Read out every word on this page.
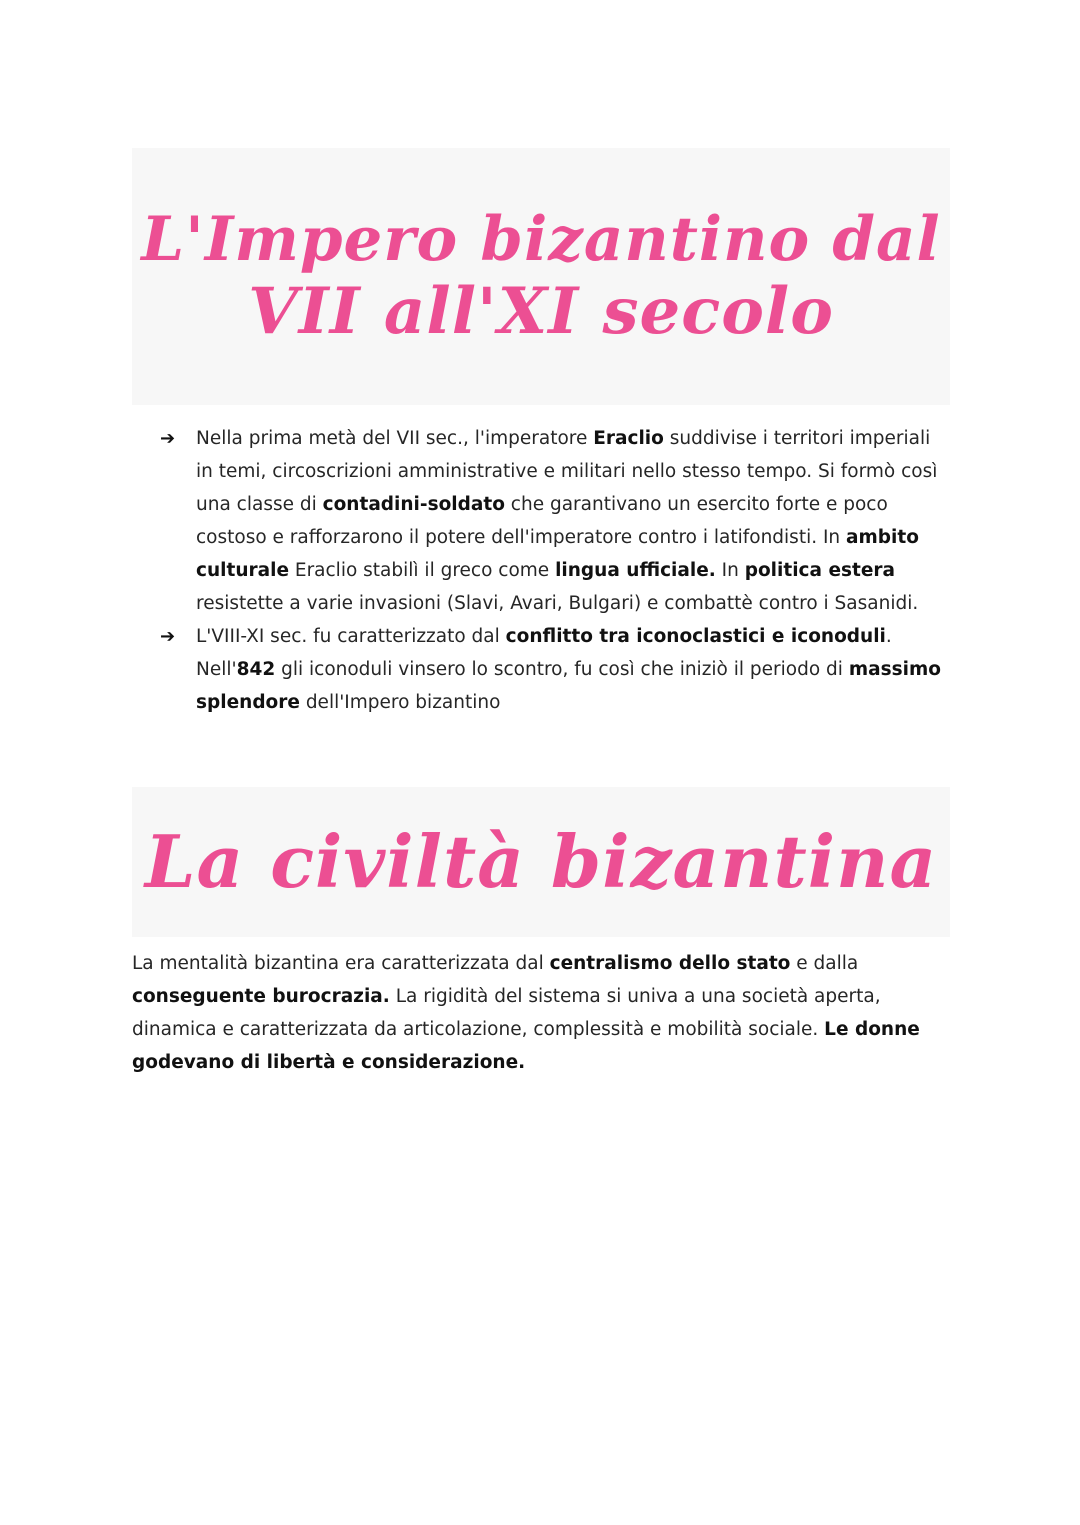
L'Impero bizantino dal
VII all'XI secolo
➔ Nella prima metà del VII sec., l'imperatore Eraclio suddivise i territori imperiali in temi, circoscrizioni amministrative e militari nello stesso tempo. Si formò così una classe di contadini-soldato che garantivano un esercito forte e poco costoso e rafforzarono il potere dell'imperatore contro i latifondisti. In ambito culturale Eraclio stabilì il greco come lingua ufficiale. In politica estera resistette a varie invasioni (Slavi, Avari, Bulgari) e combattè contro i Sasanidi.
➔ L'VIII-XI sec. fu caratterizzato dal conflitto tra iconoclastici e iconoduli. Nell'842 gli iconoduli vinsero lo scontro, fu così che iniziò il periodo di massimo splendore dell'Impero bizantino
La civiltà bizantina

La mentalità bizantina era caratterizzata dal centralismo dello stato e dalla conseguente burocrazia. La rigidità del sistema si univa a una società aperta, dinamica e caratterizzata da articolazione, complessità e mobilità sociale. Le donne godevano di libertà e considerazione.
